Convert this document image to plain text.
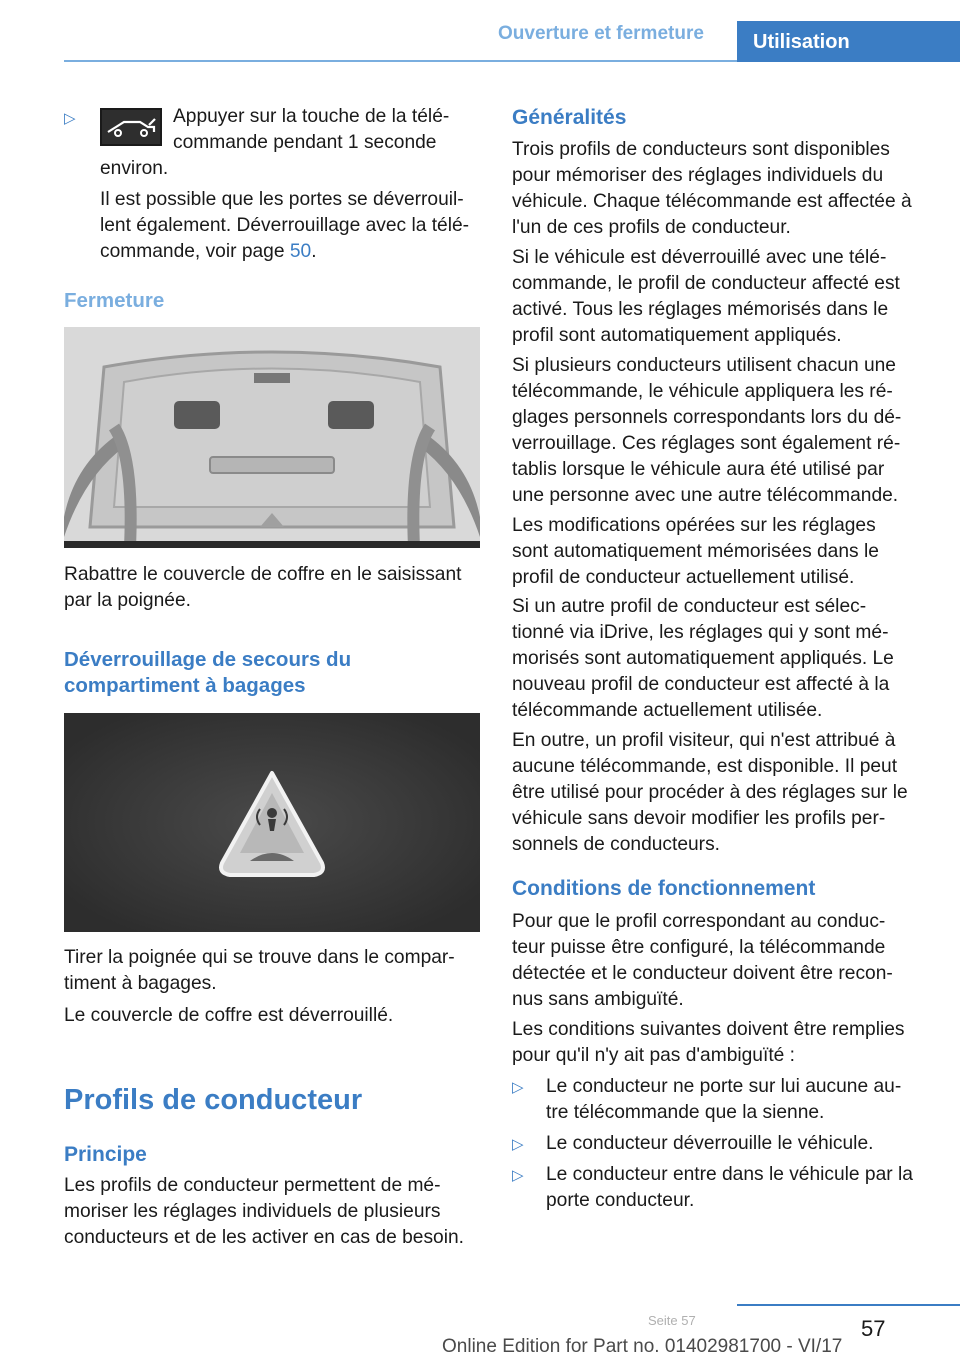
Ouverture et fermeture	Utilisation
▷	Appuyer sur la touche de la télé-
commande pendant 1 seconde
environ.
Il est possible que les portes se déverrouil-
lent également. Déverrouillage avec la télé-
commande, voir page 50.
Fermeture
Rabattre le couvercle de coffre en le saisissant
par la poignée.
Déverrouillage de secours du
compartiment à bagages
Tirer la poignée qui se trouve dans le compar-
timent à bagages.
Le couvercle de coffre est déverrouillé.
Profils de conducteur
Principe
Les profils de conducteur permettent de mé-
moriser les réglages individuels de plusieurs
conducteurs et de les activer en cas de besoin.
Généralités
Trois profils de conducteurs sont disponibles
pour mémoriser des réglages individuels du
véhicule. Chaque télécommande est affectée à
l'un de ces profils de conducteur.
Si le véhicule est déverrouillé avec une télé-
commande, le profil de conducteur affecté est
activé. Tous les réglages mémorisés dans le
profil sont automatiquement appliqués.
Si plusieurs conducteurs utilisent chacun une
télécommande, le véhicule appliquera les ré-
glages personnels correspondants lors du dé-
verrouillage. Ces réglages sont également ré-
tablis lorsque le véhicule aura été utilisé par
une personne avec une autre télécommande.
Les modifications opérées sur les réglages
sont automatiquement mémorisées dans le
profil de conducteur actuellement utilisé.
Si un autre profil de conducteur est sélec-
tionné via iDrive, les réglages qui y sont mé-
morisés sont automatiquement appliqués. Le
nouveau profil de conducteur est affecté à la
télécommande actuellement utilisée.
En outre, un profil visiteur, qui n'est attribué à
aucune télécommande, est disponible. Il peut
être utilisé pour procéder à des réglages sur le
véhicule sans devoir modifier les profils per-
sonnels de conducteurs.
Conditions de fonctionnement
Pour que le profil correspondant au conduc-
teur puisse être configuré, la télécommande
détectée et le conducteur doivent être recon-
nus sans ambiguïté.
Les conditions suivantes doivent être remplies
pour qu'il n'y ait pas d'ambiguïté :
▷ Le conducteur ne porte sur lui aucune au-
tre télécommande que la sienne.
▷ Le conducteur déverrouille le véhicule.
▷ Le conducteur entre dans le véhicule par la
porte conducteur.
57
Online Edition for Part no. 01402981700 - VI/17
Seite 57
